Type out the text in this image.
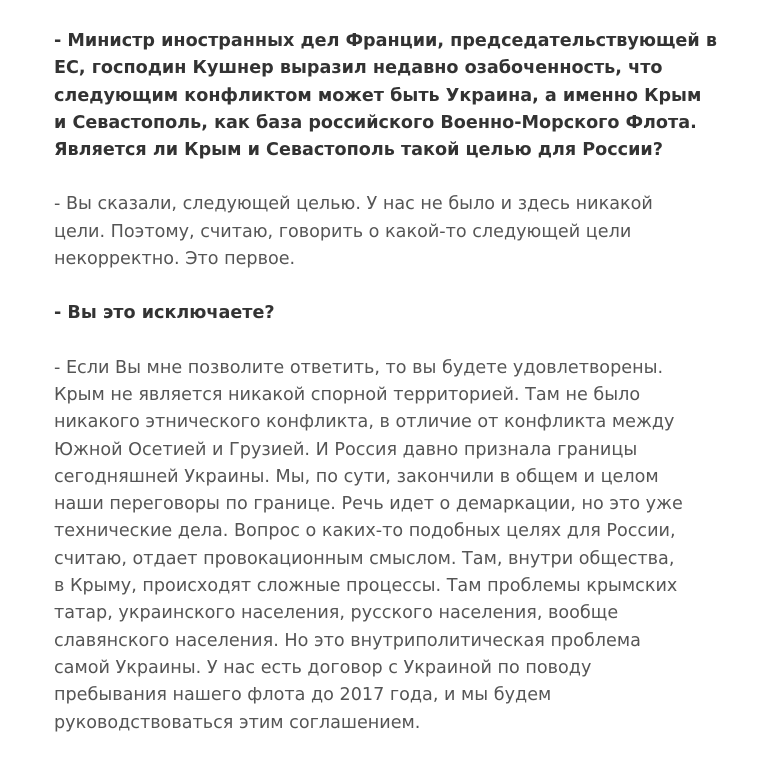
- Министр иностранных дел Франции, председательствующей в
ЕС, господин Кушнер выразил недавно озабоченность, что
следующим конфликтом может быть Украина, а именно Крым
и Севастополь, как база российского Военно-Морского Флота.
Является ли Крым и Севастополь такой целью для России?

- Вы сказали, следующей целью. У нас не было и здесь никакой
цели. Поэтому, считаю, говорить о какой-то следующей цели
некорректно. Это первое.

- Вы это исключаете?

- Если Вы мне позволите ответить, то вы будете удовлетворены.
Крым не является никакой спорной территорией. Там не было
никакого этнического конфликта, в отличие от конфликта между
Южной Осетией и Грузией. И Россия давно признала границы
сегодняшней Украины. Мы, по сути, закончили в общем и целом
наши переговоры по границе. Речь идет о демаркации, но это уже
технические дела. Вопрос о каких-то подобных целях для России,
считаю, отдает провокационным смыслом. Там, внутри общества,
в Крыму, происходят сложные процессы. Там проблемы крымских
татар, украинского населения, русского населения, вообще
славянского населения. Но это внутриполитическая проблема
самой Украины. У нас есть договор с Украиной по поводу
пребывания нашего флота до 2017 года, и мы будем
руководствоваться этим соглашением.
